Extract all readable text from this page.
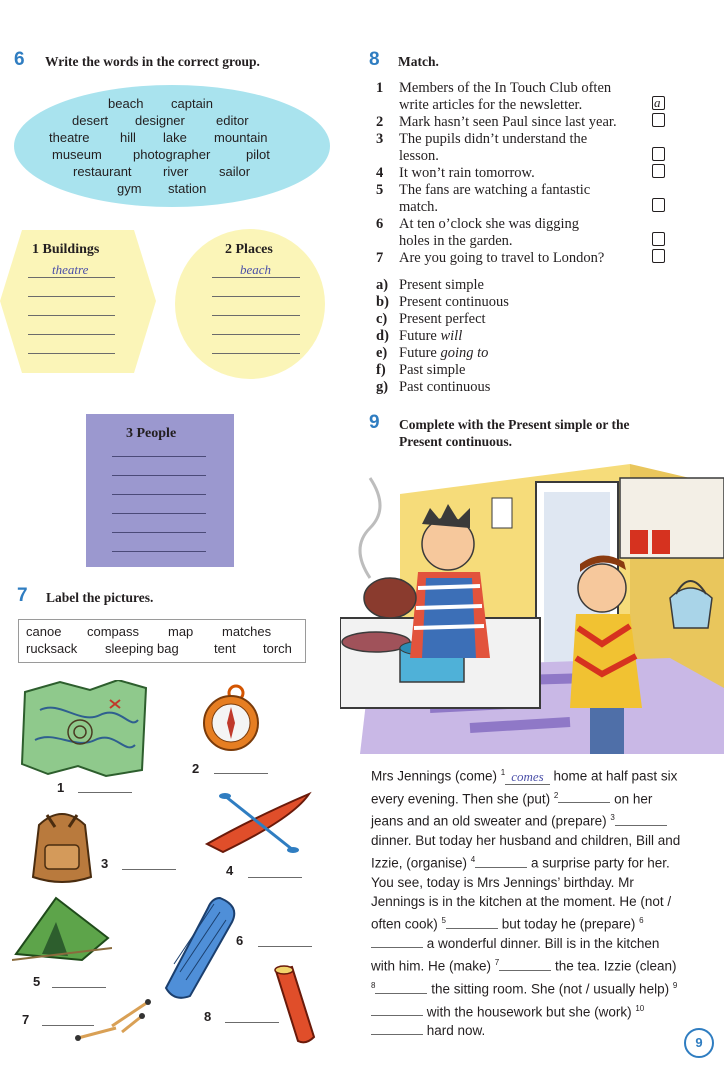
6 Write the words in the correct group.
beach captain
desert designer editor
theatre hill lake mountain
museum photographer	pilot
restaurant river sailor
gym station
1 Buildings
theatre
2 Places
beach
3 People
7 Label the pictures.
canoe compass map matches
rucksack sleeping bag	tent torch
1
2
3	4
5
6
7	8
8 Match.
1 Members of the In Touch Club often
write articles for the newsletter.	a
2 Mark hasn’t seen Paul since last year.
3 The pupils didn’t understand the
lesson.
4 It won’t rain tomorrow.
5 The fans are watching a fantastic
match.
6 At ten o’clock she was digging
holes in the garden.
7 Are you going to travel to London?
a) Present simple
b) Present continuous
c) Present perfect
d) Future will
e) Future going to
f) Past simple
g) Past continuous
9 Complete with the Present simple or the
Present continuous.
Mrs Jennings (come) $^1$ comes home at half past six every evening. Then she (put) $^2$	on her jeans and an old sweater and (prepare) $^3$ dinner. But today her husband and children, Bill and Izzie, (organise) $^4$	a surprise party for her. You see, today is Mrs Jennings’ birthday. Mr Jennings is in the kitchen at the moment. He (not / often cook) $^5$	but today he (prepare) $^6$ a wonderful dinner. Bill is in the kitchen with him. He (make) $^7$	the tea. Izzie (clean) $^8$	the sitting room. She (not / usually help) $^9$ with the housework but she (work) $^{10}$ hard now.
9
